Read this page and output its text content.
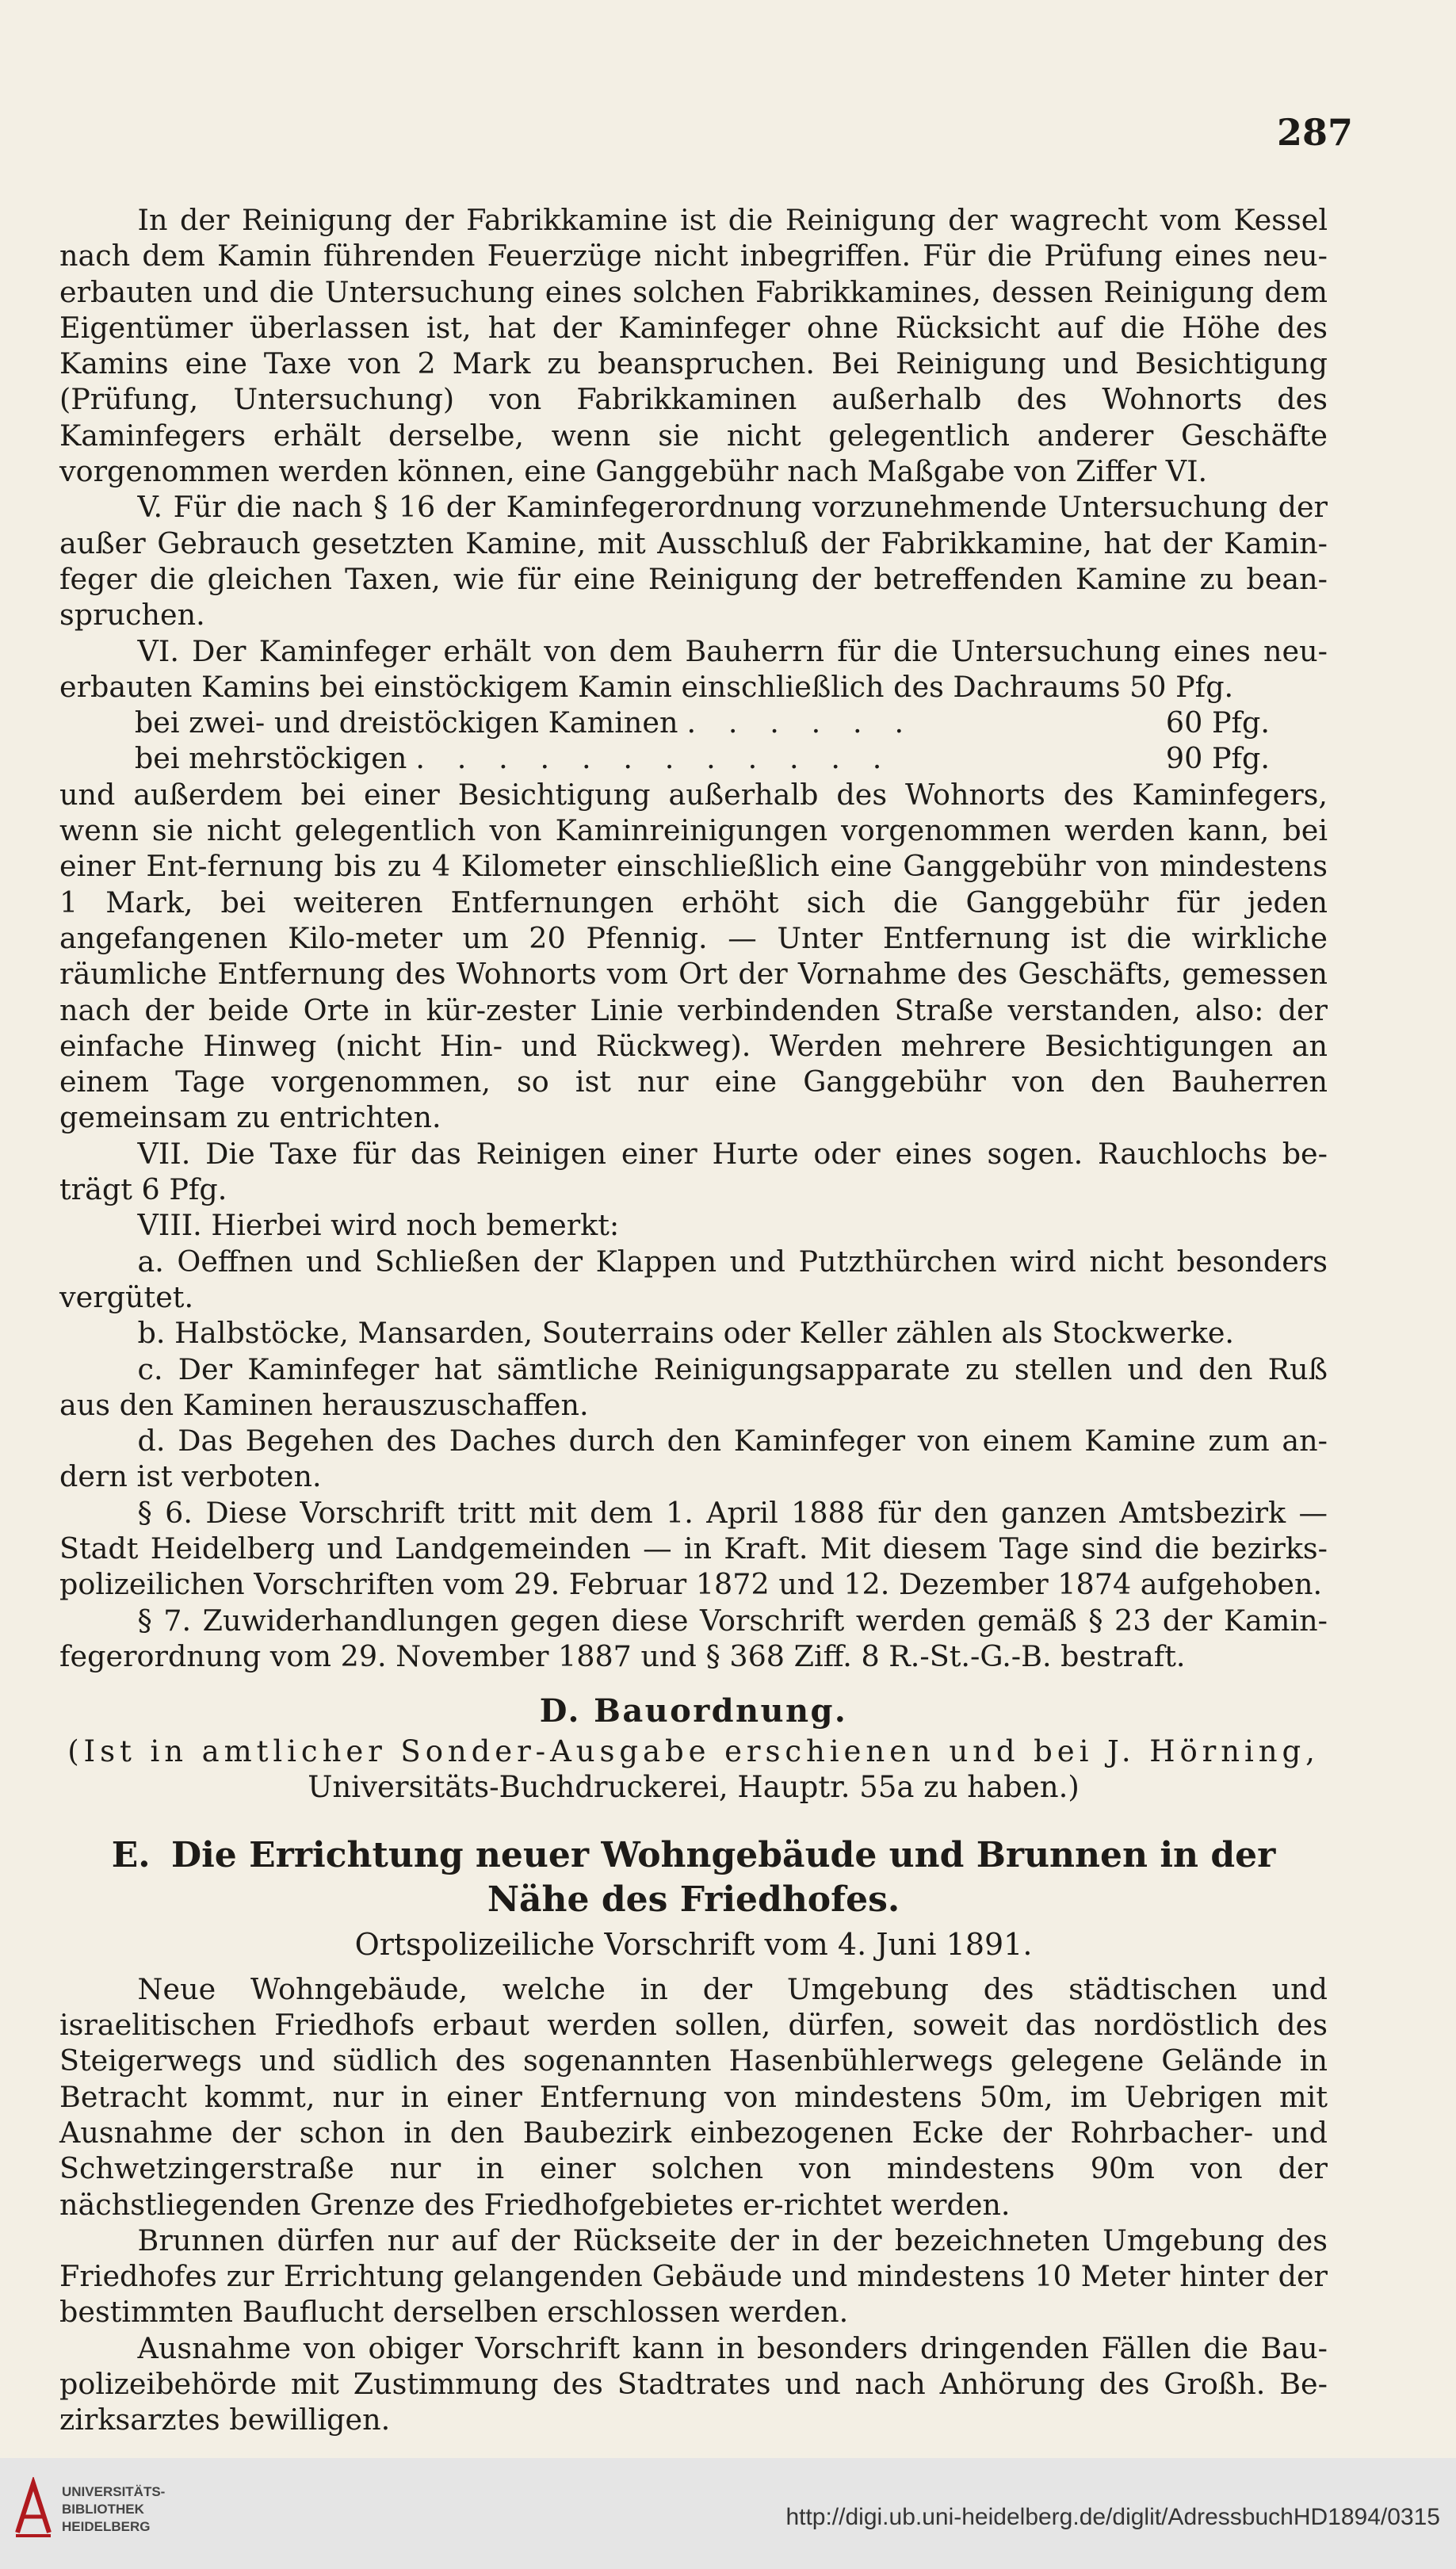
287

In der Reinigung der Fabrikkamine ist die Reinigung der wagrecht vom Kessel nach dem Kamin führenden Feuerzüge nicht inbegriffen. Für die Prüfung eines neu-erbauten und die Untersuchung eines solchen Fabrikkamines, dessen Reinigung dem Eigentümer überlassen ist, hat der Kaminfeger ohne Rücksicht auf die Höhe des Kamins eine Taxe von 2 Mark zu beanspruchen. Bei Reinigung und Besichtigung (Prüfung, Untersuchung) von Fabrikkaminen außerhalb des Wohnorts des Kaminfegers erhält derselbe, wenn sie nicht gelegentlich anderer Geschäfte vorgenommen werden können, eine Ganggebühr nach Maßgabe von Ziffer VI.

V. Für die nach § 16 der Kaminfegerordnung vorzunehmende Untersuchung der außer Gebrauch gesetzten Kamine, mit Ausschluß der Fabrikkamine, hat der Kamin-feger die gleichen Taxen, wie für eine Reinigung der betreffenden Kamine zu bean-spruchen.

VI. Der Kaminfeger erhält von dem Bauherrn für die Untersuchung eines neu-erbauten Kamins bei einstöckigem Kamin einschließlich des Dachraums 50 Pfg.

bei zwei- und dreistöckigen Kaminen . . . . . .	60 Pfg.
bei mehrstöckigen . . . . . . . . . . . .	90 Pfg.

und außerdem bei einer Besichtigung außerhalb des Wohnorts des Kaminfegers, wenn sie nicht gelegentlich von Kaminreinigungen vorgenommen werden kann, bei einer Ent-fernung bis zu 4 Kilometer einschließlich eine Ganggebühr von mindestens 1 Mark, bei weiteren Entfernungen erhöht sich die Ganggebühr für jeden angefangenen Kilo-meter um 20 Pfennig. — Unter Entfernung ist die wirkliche räumliche Entfernung des Wohnorts vom Ort der Vornahme des Geschäfts, gemessen nach der beide Orte in kür-zester Linie verbindenden Straße verstanden, also: der einfache Hinweg (nicht Hin- und Rückweg). Werden mehrere Besichtigungen an einem Tage vorgenommen, so ist nur eine Ganggebühr von den Bauherren gemeinsam zu entrichten.

VII. Die Taxe für das Reinigen einer Hurte oder eines sogen. Rauchlochs be-trägt 6 Pfg.

VIII. Hierbei wird noch bemerkt:

a. Oeffnen und Schließen der Klappen und Putzthürchen wird nicht besonders vergütet.

b. Halbstöcke, Mansarden, Souterrains oder Keller zählen als Stockwerke.

c. Der Kaminfeger hat sämtliche Reinigungsapparate zu stellen und den Ruß aus den Kaminen herauszuschaffen.

d. Das Begehen des Daches durch den Kaminfeger von einem Kamine zum an-dern ist verboten.

§ 6. Diese Vorschrift tritt mit dem 1. April 1888 für den ganzen Amtsbezirk — Stadt Heidelberg und Landgemeinden — in Kraft. Mit diesem Tage sind die bezirks-polizeilichen Vorschriften vom 29. Februar 1872 und 12. Dezember 1874 aufgehoben.

§ 7. Zuwiderhandlungen gegen diese Vorschrift werden gemäß § 23 der Kamin-fegerordnung vom 29. November 1887 und § 368 Ziff. 8 R.-St.-G.-B. bestraft.

D. Bauordnung.
(Ist in amtlicher Sonder-Ausgabe erschienen und bei J. Hörning,
Universitäts-Buchdruckerei, Hauptr. 55a zu haben.)
E. Die Errichtung neuer Wohngebäude und Brunnen in der Nähe des Friedhofes.
Ortspolizeiliche Vorschrift vom 4. Juni 1891.

Neue Wohngebäude, welche in der Umgebung des städtischen und israelitischen Friedhofs erbaut werden sollen, dürfen, soweit das nordöstlich des Steigerwegs und südlich des sogenannten Hasenbühlerwegs gelegene Gelände in Betracht kommt, nur in einer Entfernung von mindestens 50m, im Uebrigen mit Ausnahme der schon in den Baubezirk einbezogenen Ecke der Rohrbacher- und Schwetzingerstraße nur in einer solchen von mindestens 90m von der nächstliegenden Grenze des Friedhofgebietes er-richtet werden.

Brunnen dürfen nur auf der Rückseite der in der bezeichneten Umgebung des Friedhofes zur Errichtung gelangenden Gebäude und mindestens 10 Meter hinter der bestimmten Bauflucht derselben erschlossen werden.

Ausnahme von obiger Vorschrift kann in besonders dringenden Fällen die Bau-polizeibehörde mit Zustimmung des Stadtrates und nach Anhörung des Großh. Be-zirksarztes bewilligen.

UNIVERSITÄTS-
BIBLIOTHEK
HEIDELBERG	http://digi.ub.uni-heidelberg.de/diglit/AdressbuchHD1894/0315
